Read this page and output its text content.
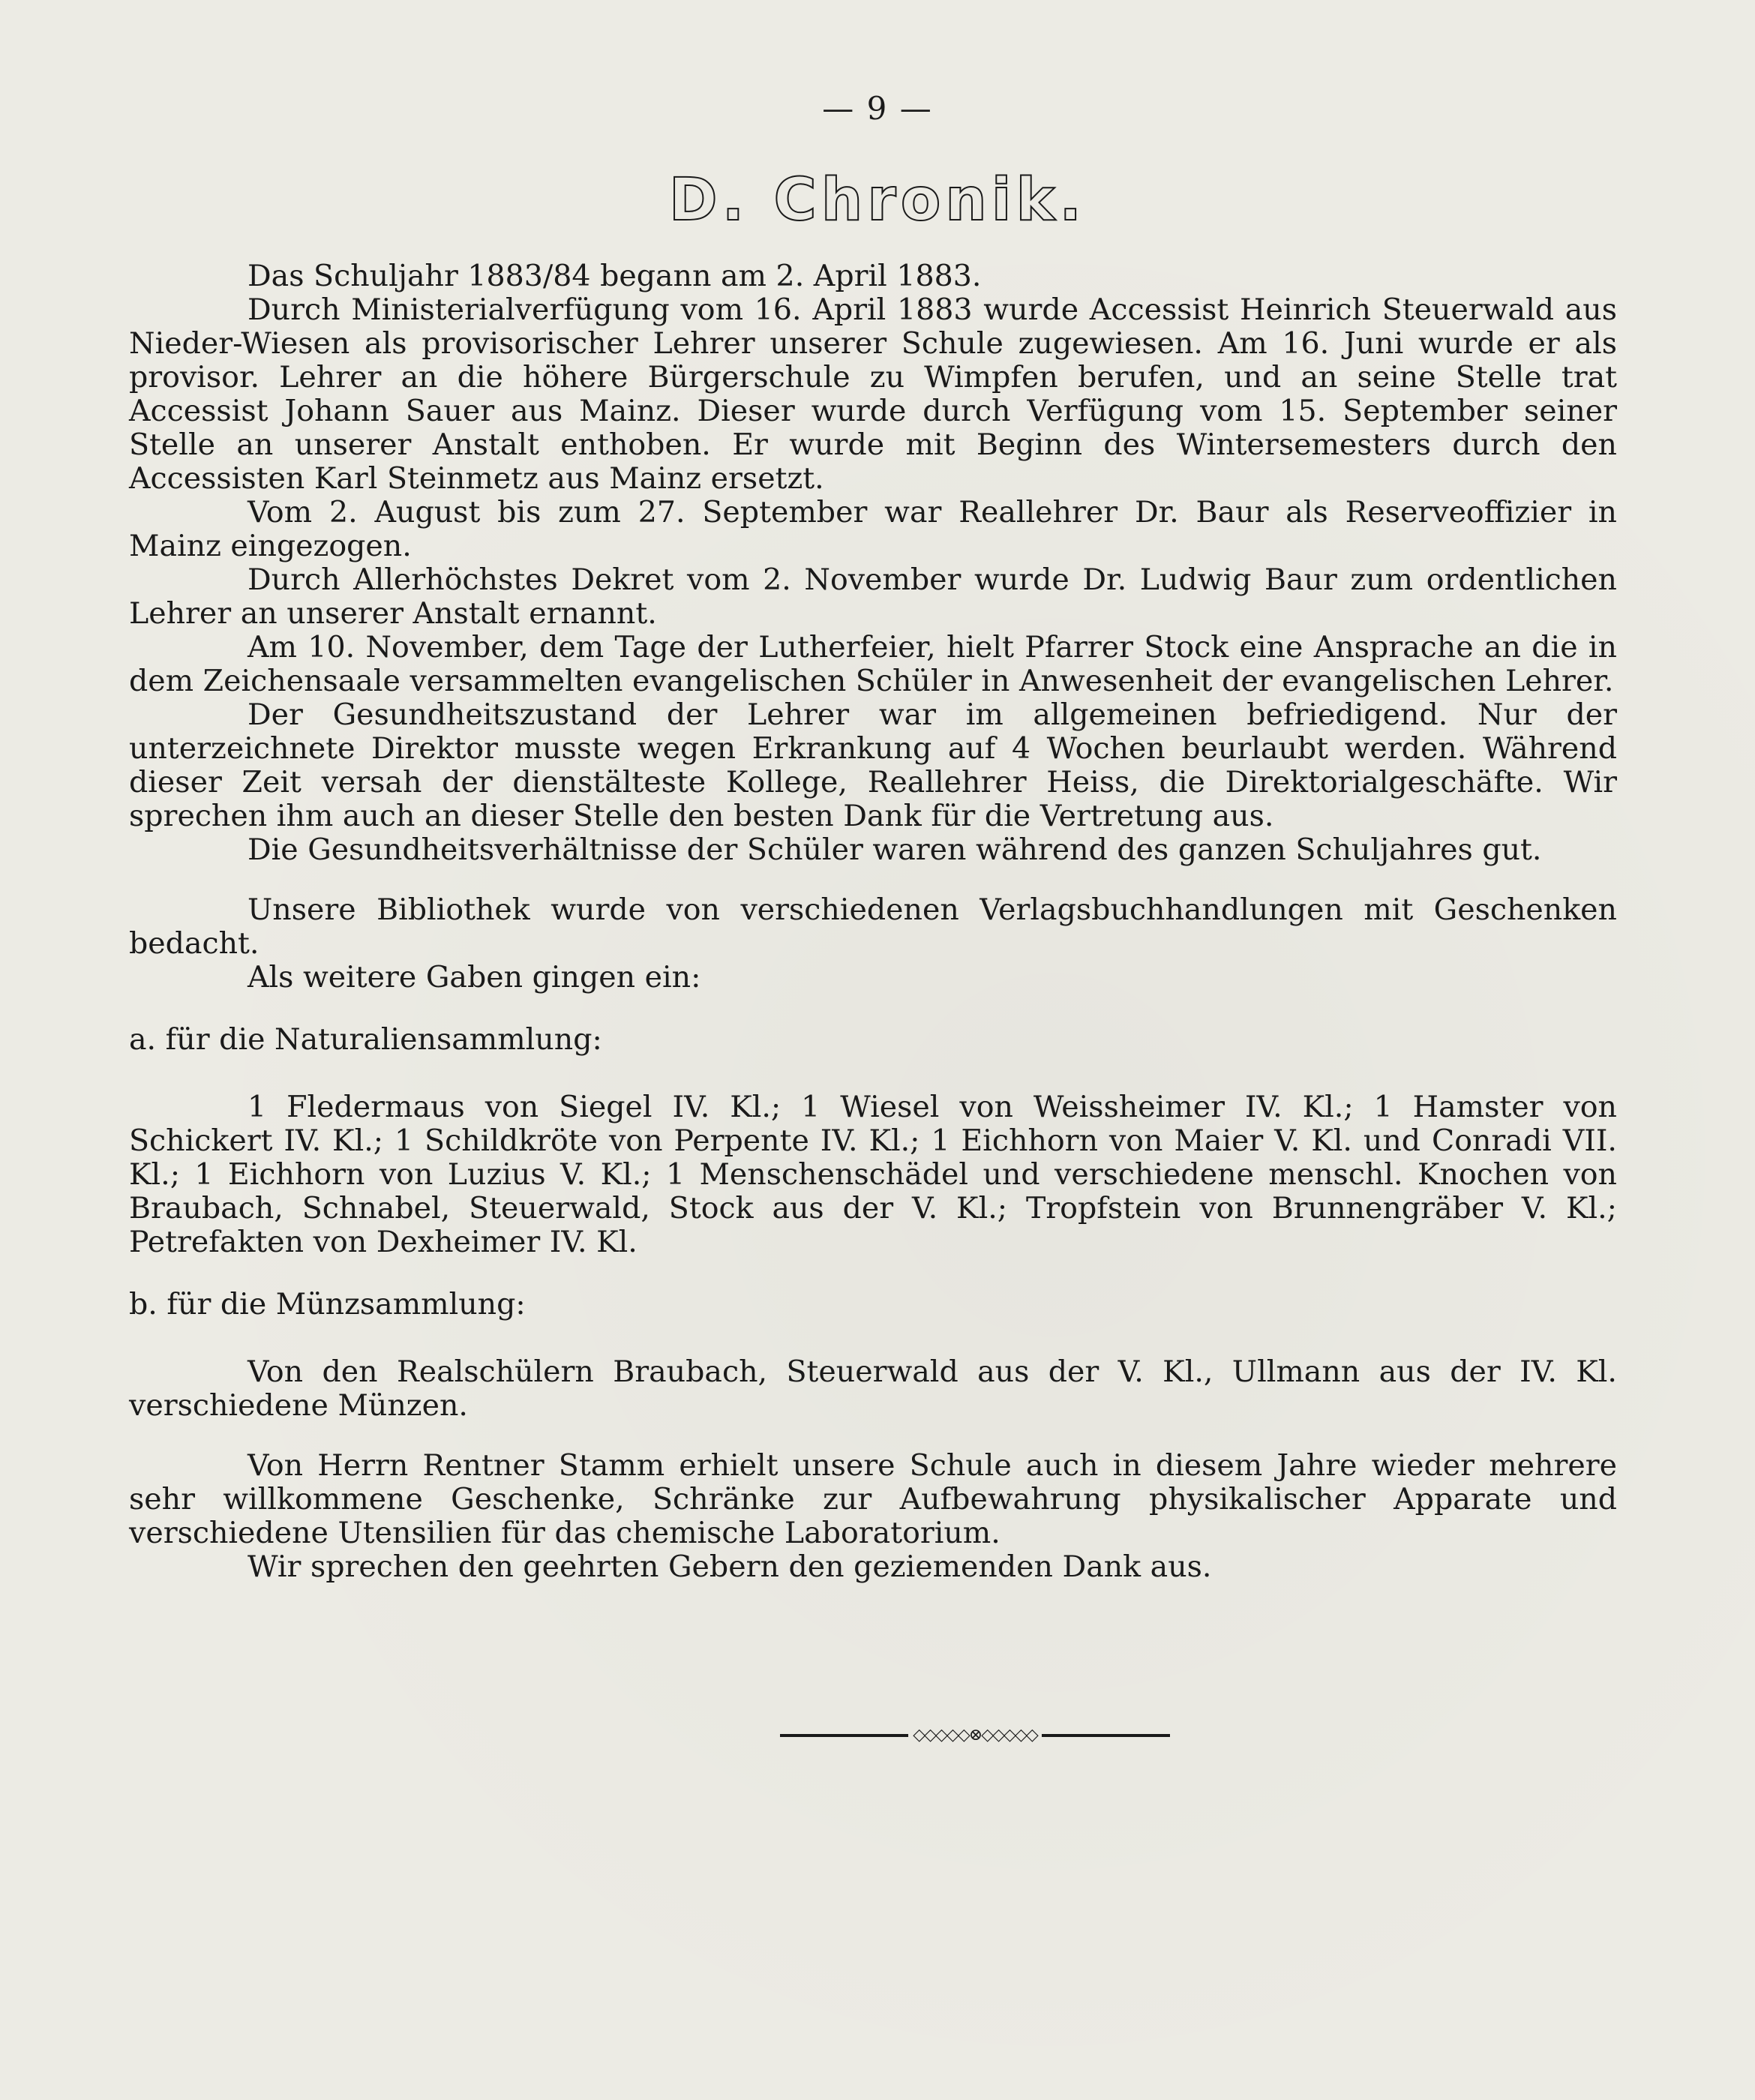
— 9 —
D. Chronik.

Das Schuljahr 1883/84 begann am 2. April 1883.

Durch Ministerialverfügung vom 16. April 1883 wurde Accessist Heinrich Steuerwald aus Nieder-Wiesen als provisorischer Lehrer unserer Schule zugewiesen. Am 16. Juni wurde er als provisor. Lehrer an die höhere Bürgerschule zu Wimpfen berufen, und an seine Stelle trat Accessist Johann Sauer aus Mainz. Dieser wurde durch Verfügung vom 15. September seiner Stelle an unserer Anstalt enthoben. Er wurde mit Beginn des Wintersemesters durch den Accessisten Karl Steinmetz aus Mainz ersetzt.

Vom 2. August bis zum 27. September war Reallehrer Dr. Baur als Reserveoffizier in Mainz eingezogen.

Durch Allerhöchstes Dekret vom 2. November wurde Dr. Ludwig Baur zum ordentlichen Lehrer an unserer Anstalt ernannt.

Am 10. November, dem Tage der Lutherfeier, hielt Pfarrer Stock eine Ansprache an die in dem Zeichensaale versammelten evangelischen Schüler in Anwesenheit der evangelischen Lehrer.

Der Gesundheitszustand der Lehrer war im allgemeinen befriedigend. Nur der unterzeichnete Direktor musste wegen Erkrankung auf 4 Wochen beurlaubt werden. Während dieser Zeit versah der dienstälteste Kollege, Reallehrer Heiss, die Direktorialgeschäfte. Wir sprechen ihm auch an dieser Stelle den besten Dank für die Vertretung aus.

Die Gesundheitsverhältnisse der Schüler waren während des ganzen Schuljahres gut.

Unsere Bibliothek wurde von verschiedenen Verlagsbuchhandlungen mit Geschenken bedacht.

Als weitere Gaben gingen ein:

a. für die Naturaliensammlung:

1 Fledermaus von Siegel IV. Kl.; 1 Wiesel von Weissheimer IV. Kl.; 1 Hamster von Schickert IV. Kl.; 1 Schildkröte von Perpente IV. Kl.; 1 Eichhorn von Maier V. Kl. und Conradi VII. Kl.; 1 Eichhorn von Luzius V. Kl.; 1 Menschenschädel und verschiedene menschl. Knochen von Braubach, Schnabel, Steuerwald, Stock aus der V. Kl.; Tropfstein von Brunnengräber V. Kl.; Petrefakten von Dexheimer IV. Kl.

b. für die Münzsammlung:

Von den Realschülern Braubach, Steuerwald aus der V. Kl., Ullmann aus der IV. Kl. verschiedene Münzen.

Von Herrn Rentner Stamm erhielt unsere Schule auch in diesem Jahre wieder mehrere sehr willkommene Geschenke, Schränke zur Aufbewahrung physikalischer Apparate und verschiedene Utensilien für das chemische Laboratorium.

Wir sprechen den geehrten Gebern den geziemenden Dank aus.

◇◇◇◇◇⊗◇◇◇◇◇
